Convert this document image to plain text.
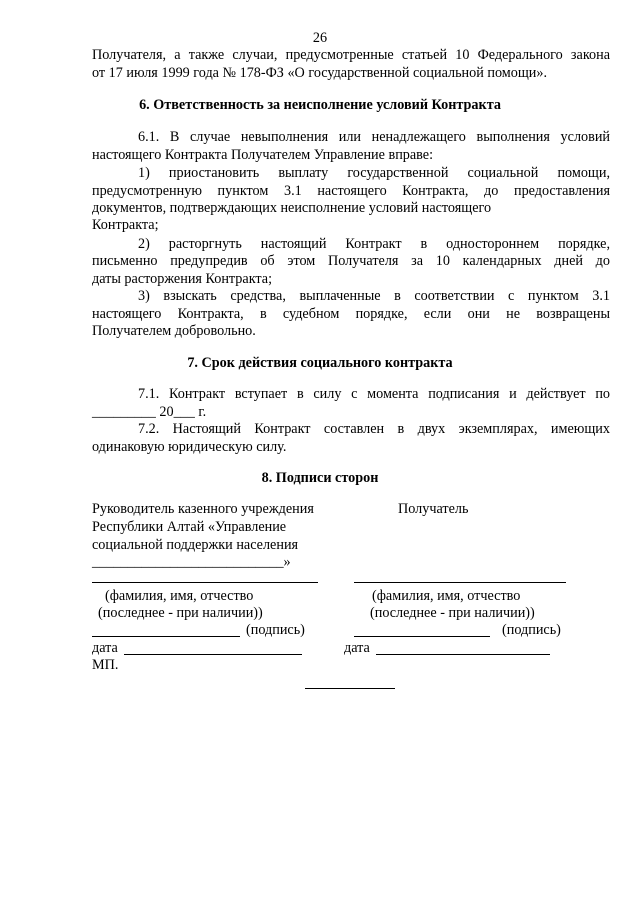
26
Получателя, а также случаи, предусмотренные статьей 10 Федерального закона
от 17 июля 1999 года № 178-ФЗ «О государственной социальной помощи».
6. Ответственность за неисполнение условий Контракта
6.1. В случае невыполнения или ненадлежащего выполнения условий
настоящего Контракта Получателем Управление вправе:
1) приостановить выплату государственной социальной помощи,
предусмотренную пунктом 3.1 настоящего Контракта, до предоставления
документов, подтверждающих неисполнение условий настоящего
Контракта;
2) расторгнуть настоящий Контракт в одностороннем порядке,
письменно предупредив об этом Получателя за 10 календарных дней до
даты расторжения Контракта;
3) взыскать средства, выплаченные в соответствии с пунктом 3.1
настоящего Контракта, в судебном порядке, если они не возвращены
Получателем добровольно.
7. Срок действия социального контракта
7.1. Контракт вступает в силу с момента подписания и действует по
_________ 20___ г.
7.2. Настоящий Контракт составлен в двух экземплярах, имеющих
одинаковую юридическую силу.
8. Подписи сторон
Руководитель казенного учреждения
Республики Алтай «Управление
социальной поддержки населения
___________________________»
Получатель
(фамилия, имя, отчество
(последнее - при наличии))
(фамилия, имя, отчество
(последнее - при наличии))
(подпись)	(подпись)
дата	дата
МП.
